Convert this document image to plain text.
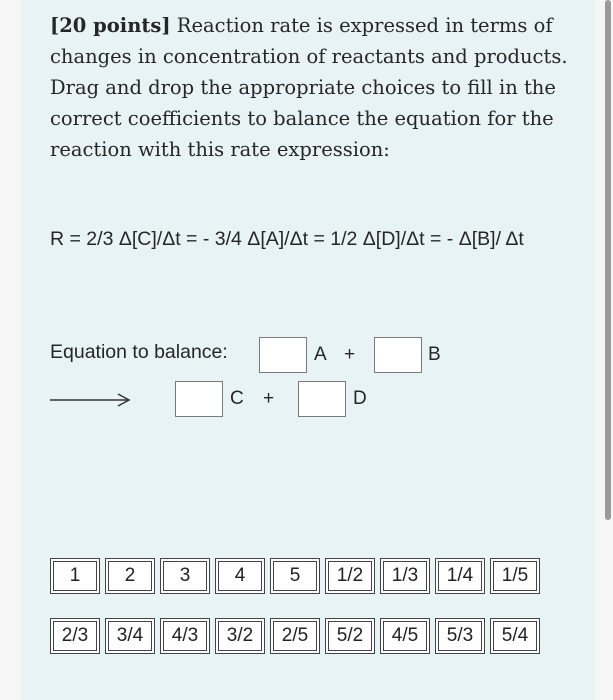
[20 points] Reaction rate is expressed in terms of changes in concentration of reactants and products. Drag and drop the appropriate choices to fill in the correct coefficients to balance the equation for the reaction with this rate expression:
R = 2/3 Δ[C]/Δt = - 3/4 Δ[A]/Δt = 1/2 Δ[D]/Δt = - Δ[B]/ Δt
Equation to balance:	A +	B
C +	D
1	2	3	4	5	1/2	1/3	1/4	1/5
2/3	3/4	4/3	3/2	2/5	5/2	4/5	5/3	5/4
